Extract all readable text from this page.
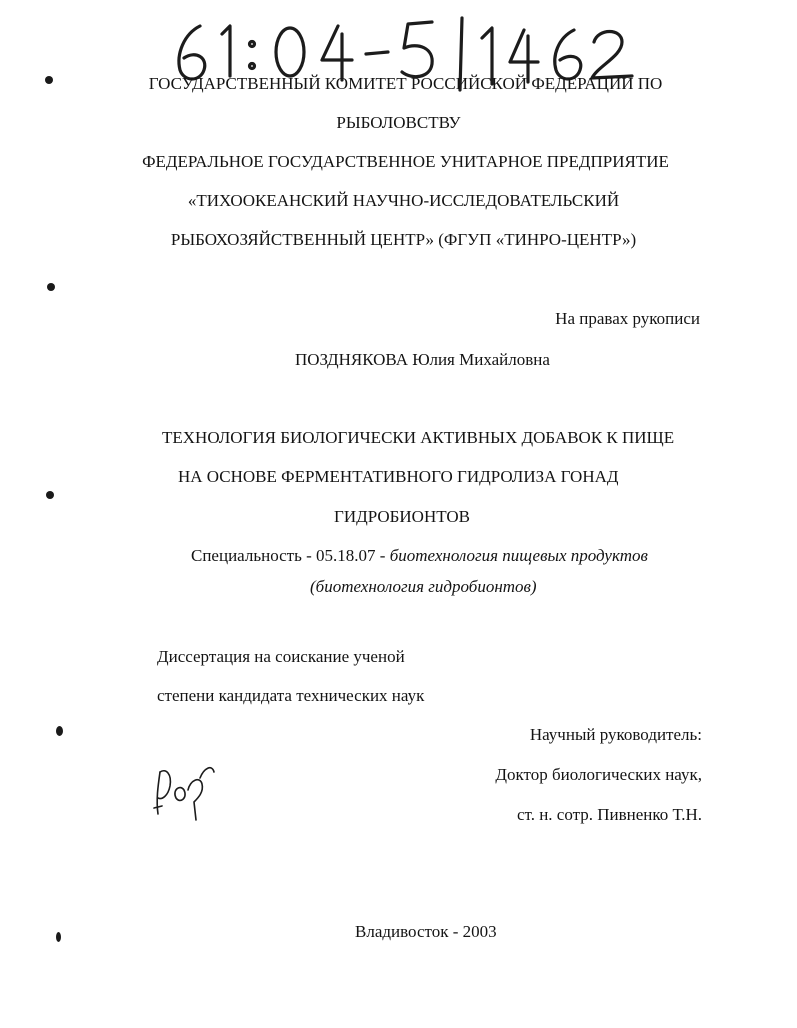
ГОСУДАРСТВЕННЫЙ КОМИТЕТ РОССИЙСКОЙ ФЕДЕРАЦИИ ПО
РЫБОЛОВСТВУ
ФЕДЕРАЛЬНОЕ ГОСУДАРСТВЕННОЕ УНИТАРНОЕ ПРЕДПРИЯТИЕ
«ТИХООКЕАНСКИЙ НАУЧНО-ИССЛЕДОВАТЕЛЬСКИЙ
РЫБОХОЗЯЙСТВЕННЫЙ ЦЕНТР» (ФГУП «ТИНРО-ЦЕНТР»)
На правах рукописи
ПОЗДНЯКОВА Юлия Михайловна
ТЕХНОЛОГИЯ БИОЛОГИЧЕСКИ АКТИВНЫХ ДОБАВОК К ПИЩЕ
НА ОСНОВЕ ФЕРМЕНТАТИВНОГО ГИДРОЛИЗА ГОНАД
ГИДРОБИОНТОВ
Специальность - 05.18.07 - биотехнология пищевых продуктов
(биотехнология гидробионтов)
Диссертация на соискание ученой
степени кандидата технических наук
Научный руководитель:
Доктор биологических наук,
ст. н. сотр. Пивненко Т.Н.
Владивосток - 2003
